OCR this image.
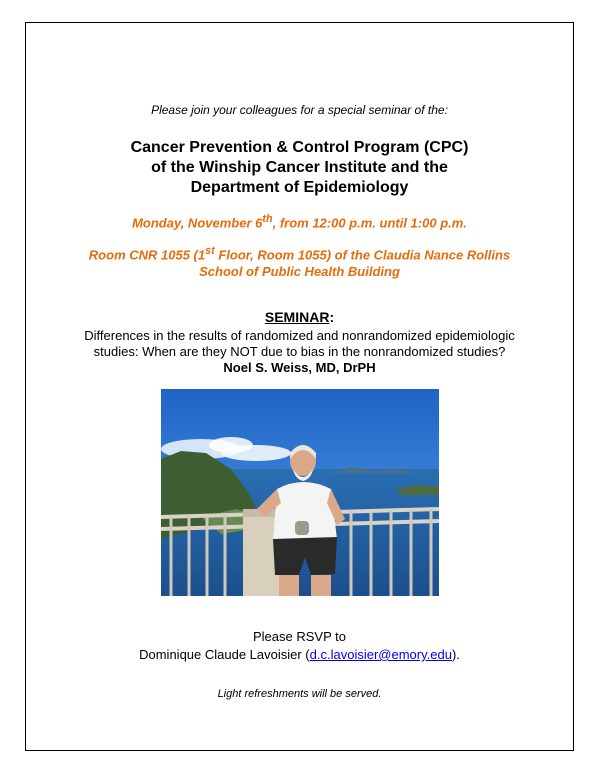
Please join your colleagues for a special seminar of the:
Cancer Prevention & Control Program (CPC)
of the Winship Cancer Institute and the
Department of Epidemiology
Monday, November 6th, from 12:00 p.m. until 1:00 p.m.
Room CNR 1055 (1st Floor, Room 1055) of the Claudia Nance Rollins
School of Public Health Building
SEMINAR:
Differences in the results of randomized and nonrandomized epidemiologic
studies: When are they NOT due to bias in the nonrandomized studies?
Noel S. Weiss, MD, DrPH
Please RSVP to
Dominique Claude Lavoisier (d.c.lavoisier@emory.edu).
Light refreshments will be served.
